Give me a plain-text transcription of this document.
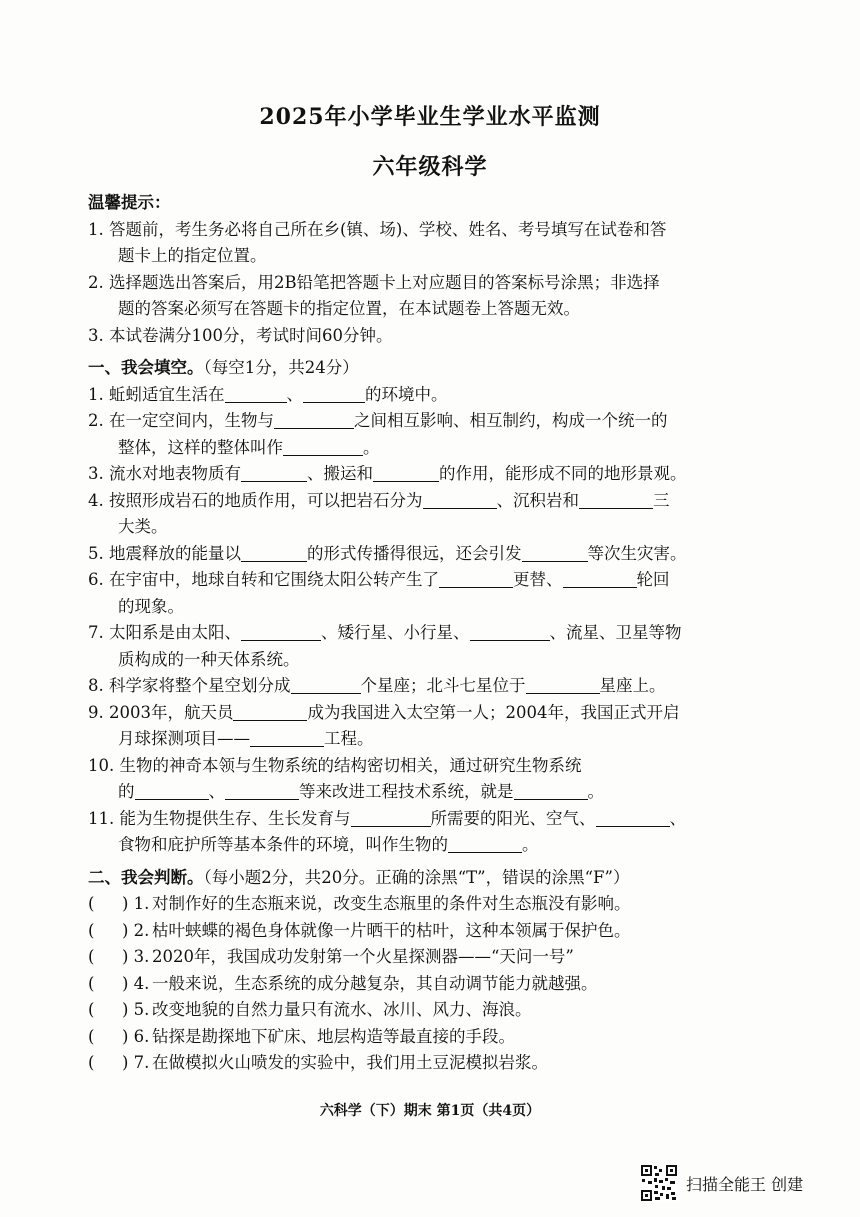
2025年小学毕业生学业水平监测
六年级科学
温馨提示：
1. 答题前，考生务必将自己所在乡(镇、场)、学校、姓名、考号填写在试卷和答
题卡上的指定位置。
2. 选择题选出答案后，用2B铅笔把答题卡上对应题目的答案标号涂黑；非选择
题的答案必须写在答题卡的指定位置，在本试题卷上答题无效。
3. 本试卷满分100分，考试时间60分钟。
一、我会填空。（每空1分，共24分）
1. 蚯蚓适宜生活在	、	的环境中。
2. 在一定空间内，生物与	之间相互影响、相互制约，构成一个统一的
整体，这样的整体叫作	。
3. 流水对地表物质有	、搬运和	的作用，能形成不同的地形景观。
4. 按照形成岩石的地质作用，可以把岩石分为	、沉积岩和	三
大类。
5. 地震释放的能量以	的形式传播得很远，还会引发	等次生灾害。
6. 在宇宙中，地球自转和它围绕太阳公转产生了	更替、	轮回
的现象。
7. 太阳系是由太阳、	、矮行星、小行星、	、流星、卫星等物
质构成的一种天体系统。
8. 科学家将整个星空划分成	个星座；北斗七星位于	星座上。
9. 2003年，航天员	成为我国进入太空第一人；2004年，我国正式开启
月球探测项目——	工程。
10. 生物的神奇本领与生物系统的结构密切相关，通过研究生物系统
的	、	等来改进工程技术系统，就是	。
11. 能为生物提供生存、生长发育与	所需要的阳光、空气、	、
食物和庇护所等基本条件的环境，叫作生物的	。
二、我会判断。（每小题2分，共20分。正确的涂黑“T”，错误的涂黑“F”）
( ) 1. 对制作好的生态瓶来说，改变生态瓶里的条件对生态瓶没有影响。
( ) 2. 枯叶蛱蝶的褐色身体就像一片晒干的枯叶，这种本领属于保护色。
( ) 3. 2020年，我国成功发射第一个火星探测器——“天问一号”
( ) 4. 一般来说，生态系统的成分越复杂，其自动调节能力就越强。
( ) 5. 改变地貌的自然力量只有流水、冰川、风力、海浪。
( ) 6. 钻探是勘探地下矿床、地层构造等最直接的手段。
( ) 7. 在做模拟火山喷发的实验中，我们用土豆泥模拟岩浆。
六科学（下）期末 第1页（共4页）
扫描全能王 创建
